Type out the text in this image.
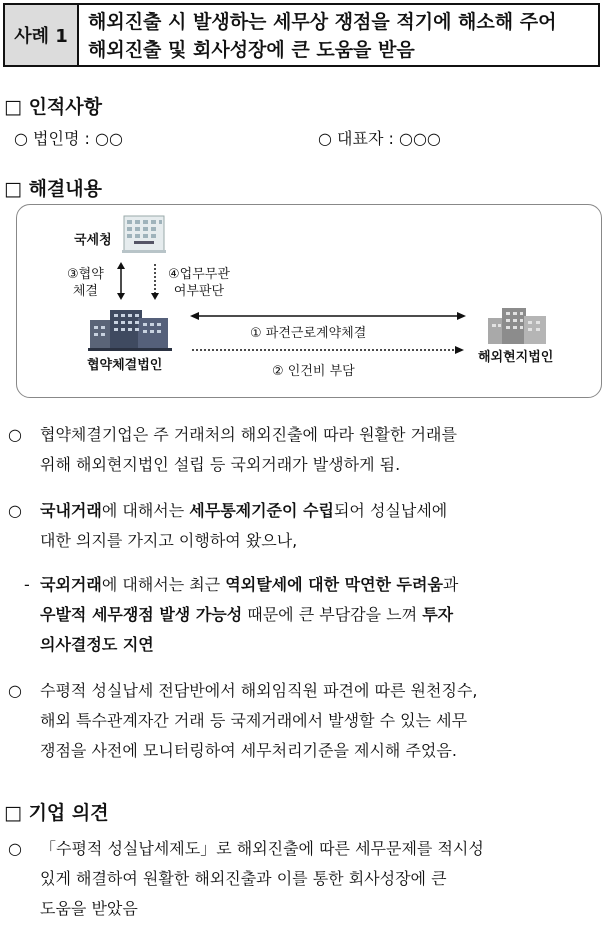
사례 1
해외진출 시 발생하는 세무상 쟁점을 적기에 해소해 주어
해외진출 및 회사성장에 큰 도움을 받음
□ 인적사항
○ 법인명 : ○○	○ 대표자 : ○○○
□ 해결내용
국세청
③협약
체결
④업무무관
여부판단
협약체결법인
해외현지법인
① 파견근로계약체결
② 인건비 부담
○ 협약체결기업은 주 거래처의 해외진출에 따라 원활한 거래를
위해 해외현지법인 설립 등 국외거래가 발생하게 됨.
○ 국내거래에 대해서는 세무통제기준이 수립되어 성실납세에
대한 의지를 가지고 이행하여 왔으나,
- 국외거래에 대해서는 최근 역외탈세에 대한 막연한 두려움과
우발적 세무쟁점 발생 가능성 때문에 큰 부담감을 느껴 투자
의사결정도 지연
○ 수평적 성실납세 전담반에서 해외임직원 파견에 따른 원천징수,
해외 특수관계자간 거래 등 국제거래에서 발생할 수 있는 세무
쟁점을 사전에 모니터링하여 세무처리기준을 제시해 주었음.
□ 기업 의견
○ 「수평적 성실납세제도」로 해외진출에 따른 세무문제를 적시성
있게 해결하여 원활한 해외진출과 이를 통한 회사성장에 큰
도움을 받았음
